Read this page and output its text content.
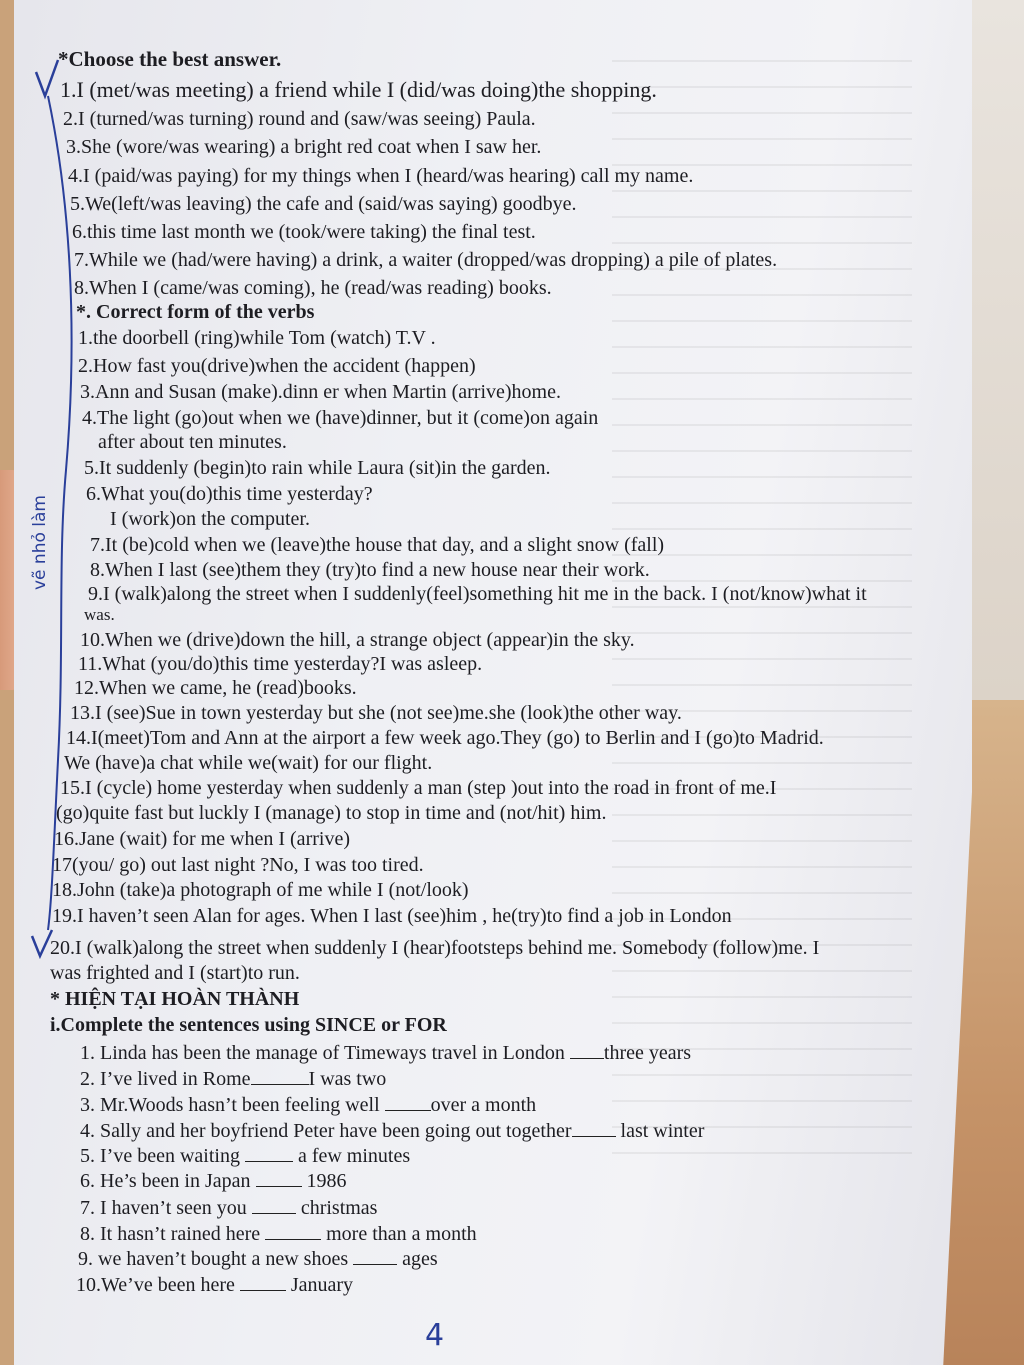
*Choose the best answer.
1.I (met/was meeting) a friend while I (did/was doing)the shopping.
2.I (turned/was turning) round and (saw/was seeing) Paula.
3.She (wore/was wearing) a bright red coat when I saw her.
4.I (paid/was paying) for my things when I (heard/was hearing) call my name.
5.We(left/was leaving) the cafe and (said/was saying) goodbye.
6.this time last month we (took/were taking) the final test.
7.While we (had/were having) a drink, a waiter (dropped/was dropping) a pile of plates.
8.When I (came/was coming), he (read/was reading) books.
*. Correct form of the verbs
1.the doorbell (ring)while Tom (watch) T.V .
2.How fast you(drive)when the accident (happen)
3.Ann and Susan (make).dinn er when Martin (arrive)home.
4.The light (go)out when we (have)dinner, but it (come)on again
after about ten minutes.
5.It suddenly (begin)to rain while Laura (sit)in the garden.
6.What you(do)this time yesterday?
I (work)on the computer.
7.It (be)cold when we (leave)the house that day, and a slight snow (fall)
8.When I last (see)them they (try)to find a new house near their work.
9.I (walk)along the street when I suddenly(feel)something hit me in the back. I (not/know)what it
was.
10.When we (drive)down the hill, a strange object (appear)in the sky.
11.What (you/do)this time yesterday?I was asleep.
12.When we came, he (read)books.
13.I (see)Sue in town yesterday but she (not see)me.she (look)the other way.
14.I(meet)Tom and Ann at the airport a few week ago.They (go) to Berlin and I (go)to Madrid.
We (have)a chat while we(wait) for our flight.
15.I (cycle) home yesterday when suddenly a man (step )out into the road in front of me.I
(go)quite fast but luckly I (manage) to stop in time and (not/hit) him.
16.Jane (wait) for me when I (arrive)
17(you/ go) out last night ?No, I was too tired.
18.John (take)a photograph of me while I (not/look)
19.I haven’t seen Alan for ages. When I last (see)him , he(try)to find a job in London
20.I (walk)along the street when suddenly I (hear)footsteps behind me. Somebody (follow)me. I
was frighted and I (start)to run.
* HIỆN TẠI HOÀN THÀNH
i.Complete the sentences using SINCE or FOR
1. Linda has been the manage of Timeways travel in London three years
2. I’ve lived in Rome	I was two
3. Mr.Woods hasn’t been feeling well	over a month
4. Sally and her boyfriend Peter have been going out together last winter
5. I’ve been waiting	a few minutes
6. He’s been in Japan	1986
7. I haven’t seen you	christmas
8. It hasn’t rained here	more than a month
9. we haven’t bought a new shoes	ages
10.We’ve been here	January
vẽ nhỏ làm
4
